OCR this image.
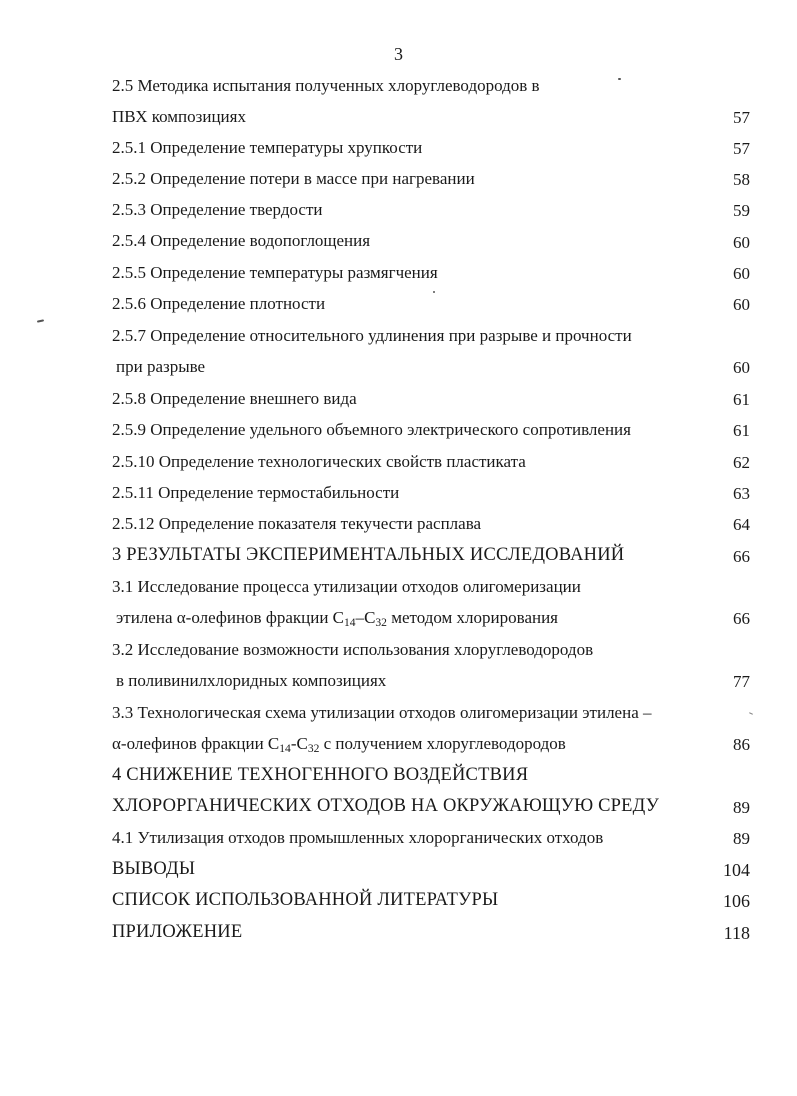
3
2.5 Методика испытания полученных хлоруглеводородов в
ПВХ композициях	57
2.5.1 Определение температуры хрупкости	57
2.5.2 Определение потери в массе при нагревании	58
2.5.3 Определение твердости	59
2.5.4 Определение водопоглощения	60
2.5.5 Определение температуры размягчения	60
2.5.6 Определение плотности	60
2.5.7 Определение относительного удлинения при разрыве и прочности
при разрыве	60
2.5.8 Определение внешнего вида	61
2.5.9 Определение удельного объемного электрического сопротивления	61
2.5.10 Определение технологических свойств пластиката	62
2.5.11 Определение термостабильности	63
2.5.12 Определение показателя текучести расплава	64
3 РЕЗУЛЬТАТЫ ЭКСПЕРИМЕНТАЛЬНЫХ ИССЛЕДОВАНИЙ	66
3.1 Исследование процесса утилизации отходов олигомеризации
этилена α-олефинов фракции $С_{14}-С_{32}$ методом хлорирования	66
3.2 Исследование возможности использования хлоруглеводородов
в поливинилхлоридных композициях	77
3.3 Технологическая схема утилизации отходов олигомеризации этилена –
α-олефинов фракции $С_{14}-С_{32}$ с получением хлоруглеводородов	86
4 СНИЖЕНИЕ ТЕХНОГЕННОГО ВОЗДЕЙСТВИЯ
ХЛОРОРГАНИЧЕСКИХ ОТХОДОВ НА ОКРУЖАЮЩУЮ СРЕДУ	89
4.1 Утилизация отходов промышленных хлорорганических отходов	89
ВЫВОДЫ	104
СПИСОК ИСПОЛЬЗОВАННОЙ ЛИТЕРАТУРЫ	106
ПРИЛОЖЕНИЕ	118
